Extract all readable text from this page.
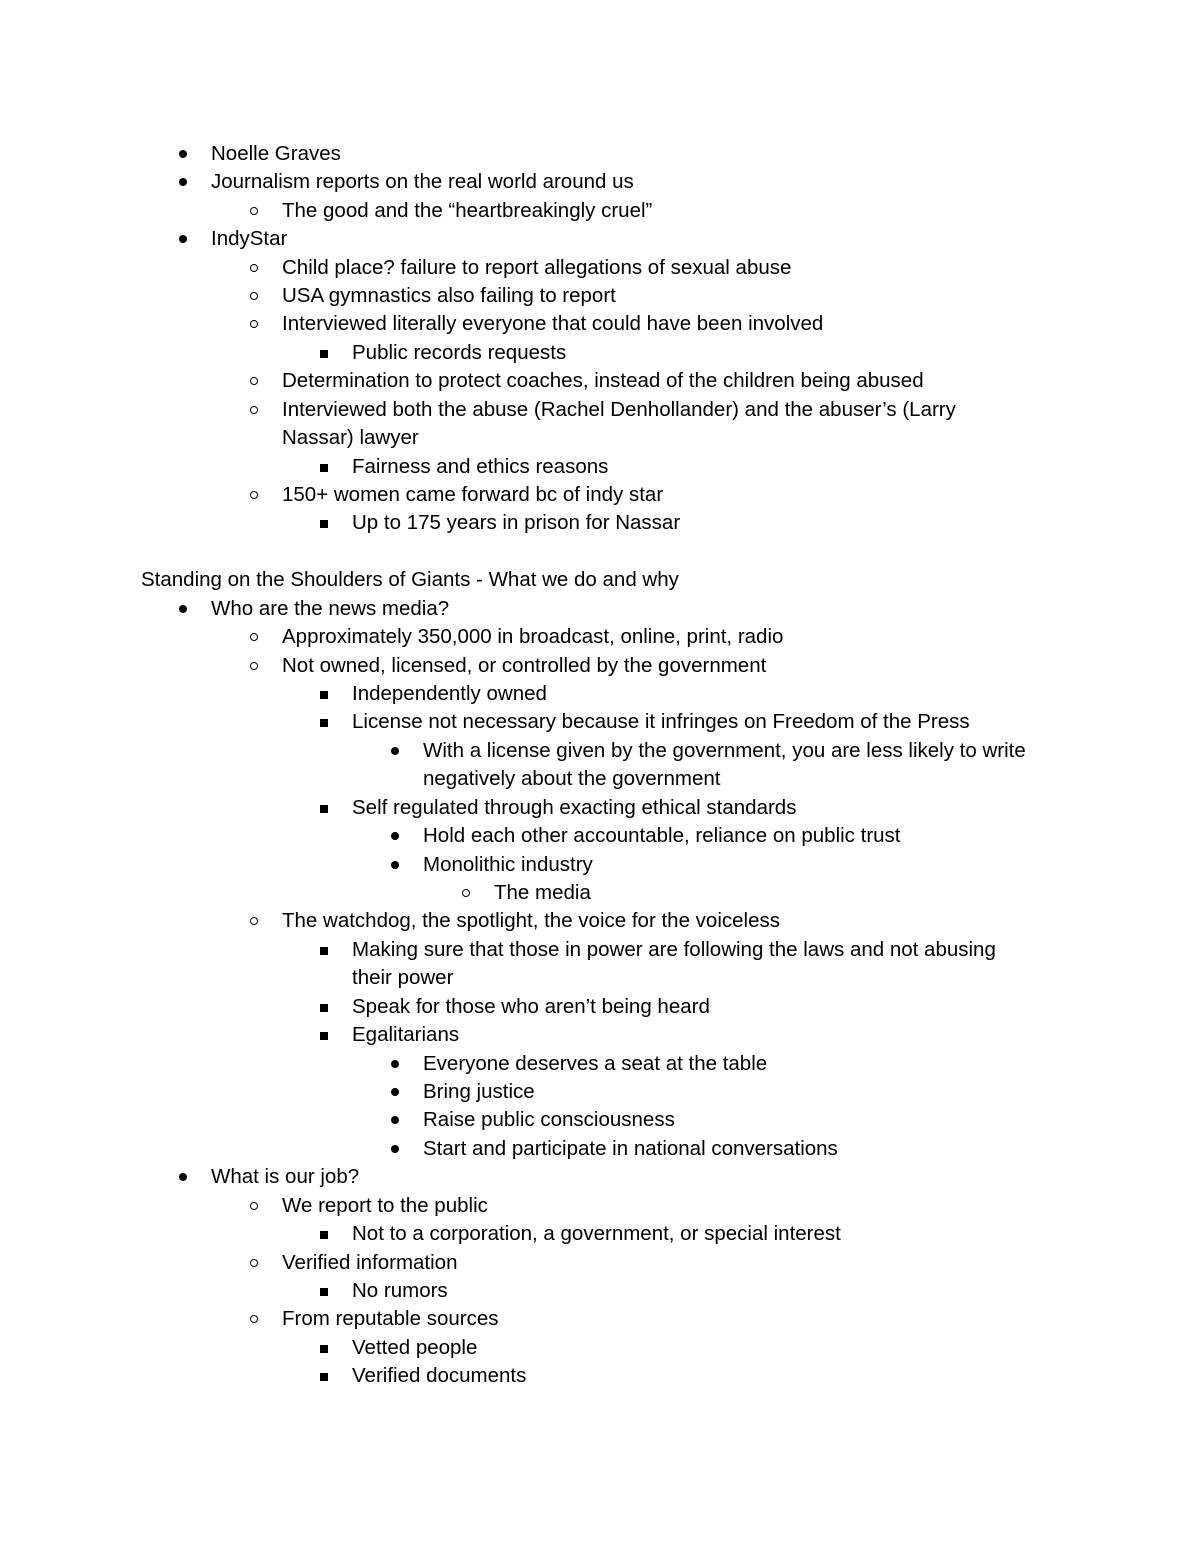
Noelle Graves
Journalism reports on the real world around us
The good and the “heartbreakingly cruel”
IndyStar
Child place? failure to report allegations of sexual abuse
USA gymnastics also failing to report
Interviewed literally everyone that could have been involved
Public records requests
Determination to protect coaches, instead of the children being abused
Interviewed both the abuse (Rachel Denhollander) and the abuser’s (Larry
Nassar) lawyer
Fairness and ethics reasons
150+ women came forward bc of indy star
Up to 175 years in prison for Nassar
Standing on the Shoulders of Giants - What we do and why
Who are the news media?
Approximately 350,000 in broadcast, online, print, radio
Not owned, licensed, or controlled by the government
Independently owned
License not necessary because it infringes on Freedom of the Press
With a license given by the government, you are less likely to write
negatively about the government
Self regulated through exacting ethical standards
Hold each other accountable, reliance on public trust
Monolithic industry
The media
The watchdog, the spotlight, the voice for the voiceless
Making sure that those in power are following the laws and not abusing
their power
Speak for those who aren’t being heard
Egalitarians
Everyone deserves a seat at the table
Bring justice
Raise public consciousness
Start and participate in national conversations
What is our job?
We report to the public
Not to a corporation, a government, or special interest
Verified information
No rumors
From reputable sources
Vetted people
Verified documents
